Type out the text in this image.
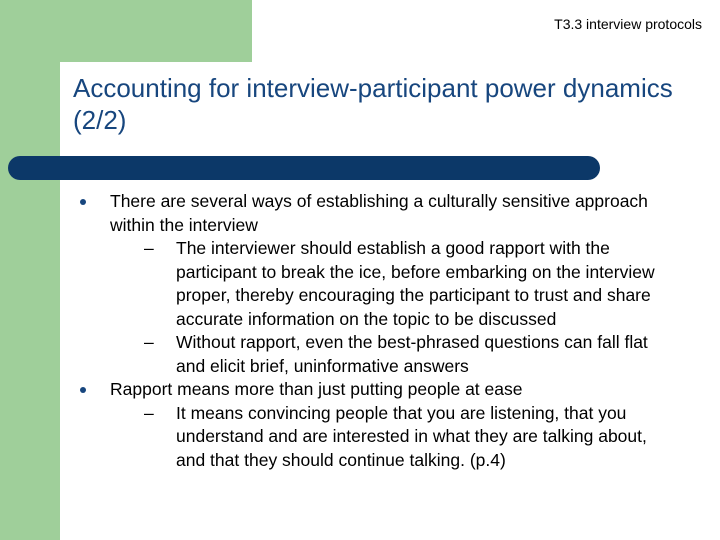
T3.3 interview protocols
Accounting for interview-participant power dynamics (2/2)
There are several ways of establishing a culturally sensitive approach within the interview
– The interviewer should establish a good rapport with the participant to break the ice, before embarking on the interview proper, thereby encouraging the participant to trust and share accurate information on the topic to be discussed
– Without rapport, even the best-phrased questions can fall flat and elicit brief, uninformative answers
Rapport means more than just putting people at ease
– It means convincing people that you are listening, that you understand and are interested in what they are talking about, and that they should continue talking. (p.4)
